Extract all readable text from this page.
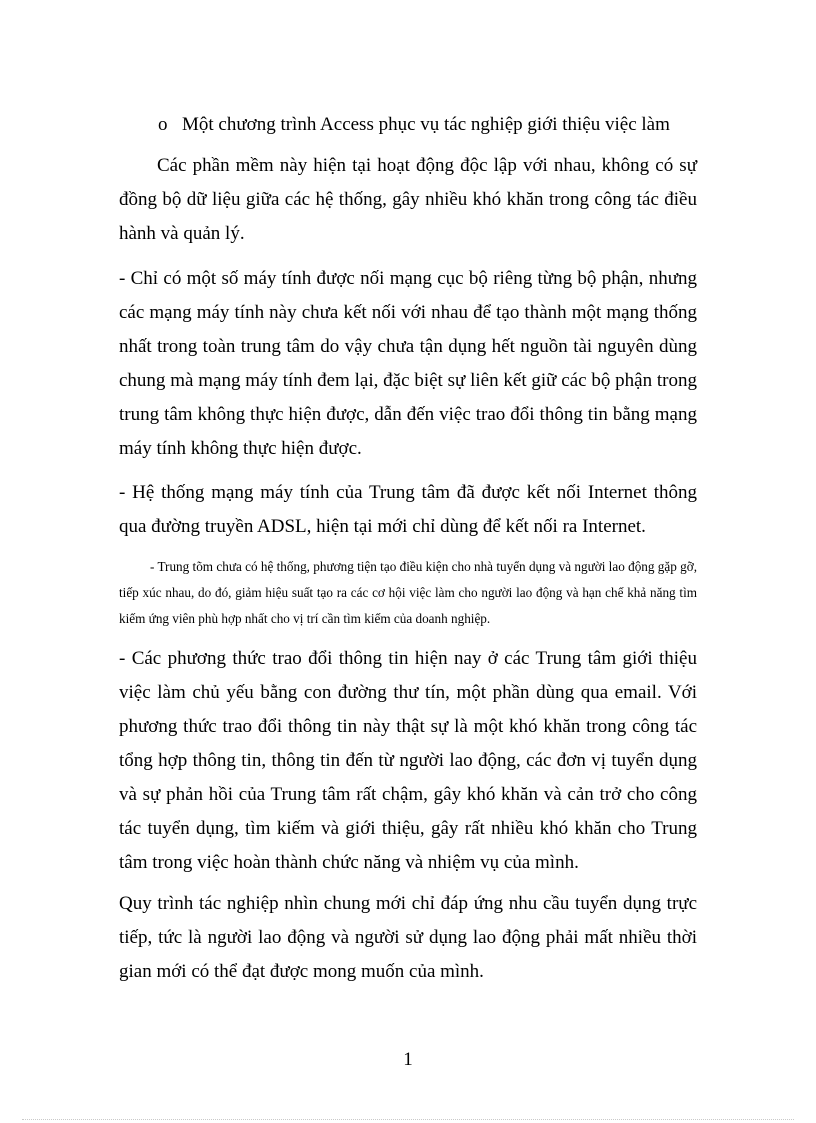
o Một chương trình Access phục vụ tác nghiệp giới thiệu việc làm

Các phần mềm này hiện tại hoạt động độc lập với nhau, không có sự đồng bộ dữ liệu giữa các hệ thống, gây nhiều khó khăn trong công tác điều hành và quản lý.

- Chỉ có một số máy tính được nối mạng cục bộ riêng từng bộ phận, nhưng các mạng máy tính này chưa kết nối với nhau để tạo thành một mạng thống nhất trong toàn trung tâm do vậy chưa tận dụng hết nguồn tài nguyên dùng chung mà mạng máy tính đem lại, đặc biệt sự liên kết giữ các bộ phận trong trung tâm không thực hiện được, dẫn đến việc trao đổi thông tin bằng mạng máy tính không thực hiện được.

- Hệ thống mạng máy tính của Trung tâm đã được kết nối Internet thông qua đường truyền ADSL, hiện tại mới chỉ dùng để kết nối ra Internet.

- Trung tõm chưa có hệ thống, phương tiện tạo điều kiện cho nhà tuyển dụng và người lao động gặp gỡ, tiếp xúc nhau, do đó, giảm hiệu suất tạo ra các cơ hội việc làm cho người lao động và hạn chế khả năng tìm kiếm ứng viên phù hợp nhất cho vị trí cần tìm kiếm của doanh nghiệp.

- Các phương thức trao đổi thông tin hiện nay ở các Trung tâm giới thiệu việc làm chủ yếu bằng con đường thư tín, một phần dùng qua email. Với phương thức trao đổi thông tin này thật sự là một khó khăn trong công tác tổng hợp thông tin, thông tin đến từ người lao động, các đơn vị tuyển dụng và sự phản hồi của Trung tâm rất chậm, gây khó khăn và cản trở cho công tác tuyển dụng, tìm kiếm và giới thiệu, gây rất nhiều khó khăn cho Trung tâm trong việc hoàn thành chức năng và nhiệm vụ của mình.

Quy trình tác nghiệp nhìn chung mới chỉ đáp ứng nhu cầu tuyển dụng trực tiếp, tức là người lao động và người sử dụng lao động phải mất nhiều thời gian mới có thể đạt được mong muốn của mình.

1
